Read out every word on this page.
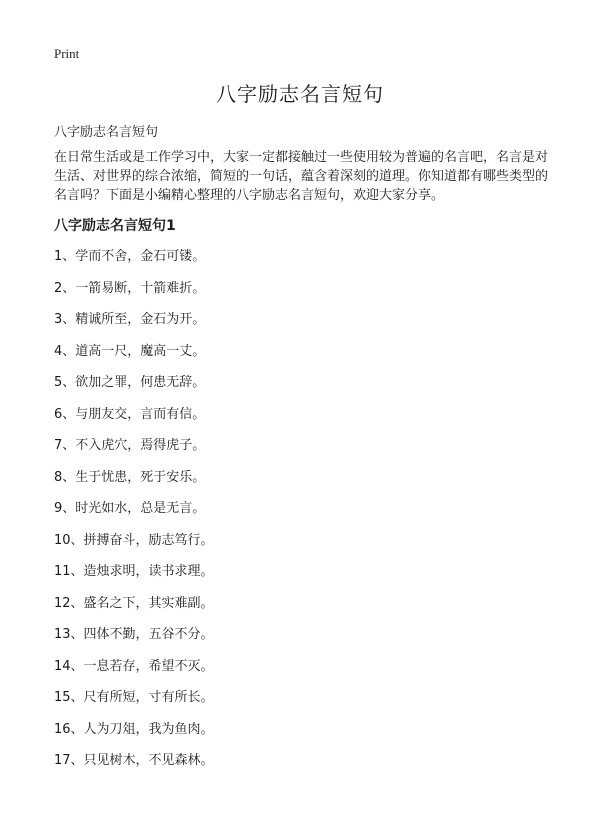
Print
八字励志名言短句

八字励志名言短句

在日常生活或是工作学习中，大家一定都接触过一些使用较为普遍的名言吧，名言是对生活、对世界的综合浓缩，简短的一句话，蕴含着深刻的道理。你知道都有哪些类型的名言吗？下面是小编精心整理的八字励志名言短句，欢迎大家分享。

八字励志名言短句1
1、学而不舍，金石可镂。
2、一箭易断，十箭难折。
3、精诚所至，金石为开。
4、道高一尺，魔高一丈。
5、欲加之罪，何患无辞。
6、与朋友交，言而有信。
7、不入虎穴，焉得虎子。
8、生于忧患，死于安乐。
9、时光如水，总是无言。
10、拼搏奋斗，励志笃行。
11、造烛求明，读书求理。
12、盛名之下，其实难副。
13、四体不勤，五谷不分。
14、一息若存，希望不灭。
15、尺有所短，寸有所长。
16、人为刀俎，我为鱼肉。
17、只见树木，不见森林。
